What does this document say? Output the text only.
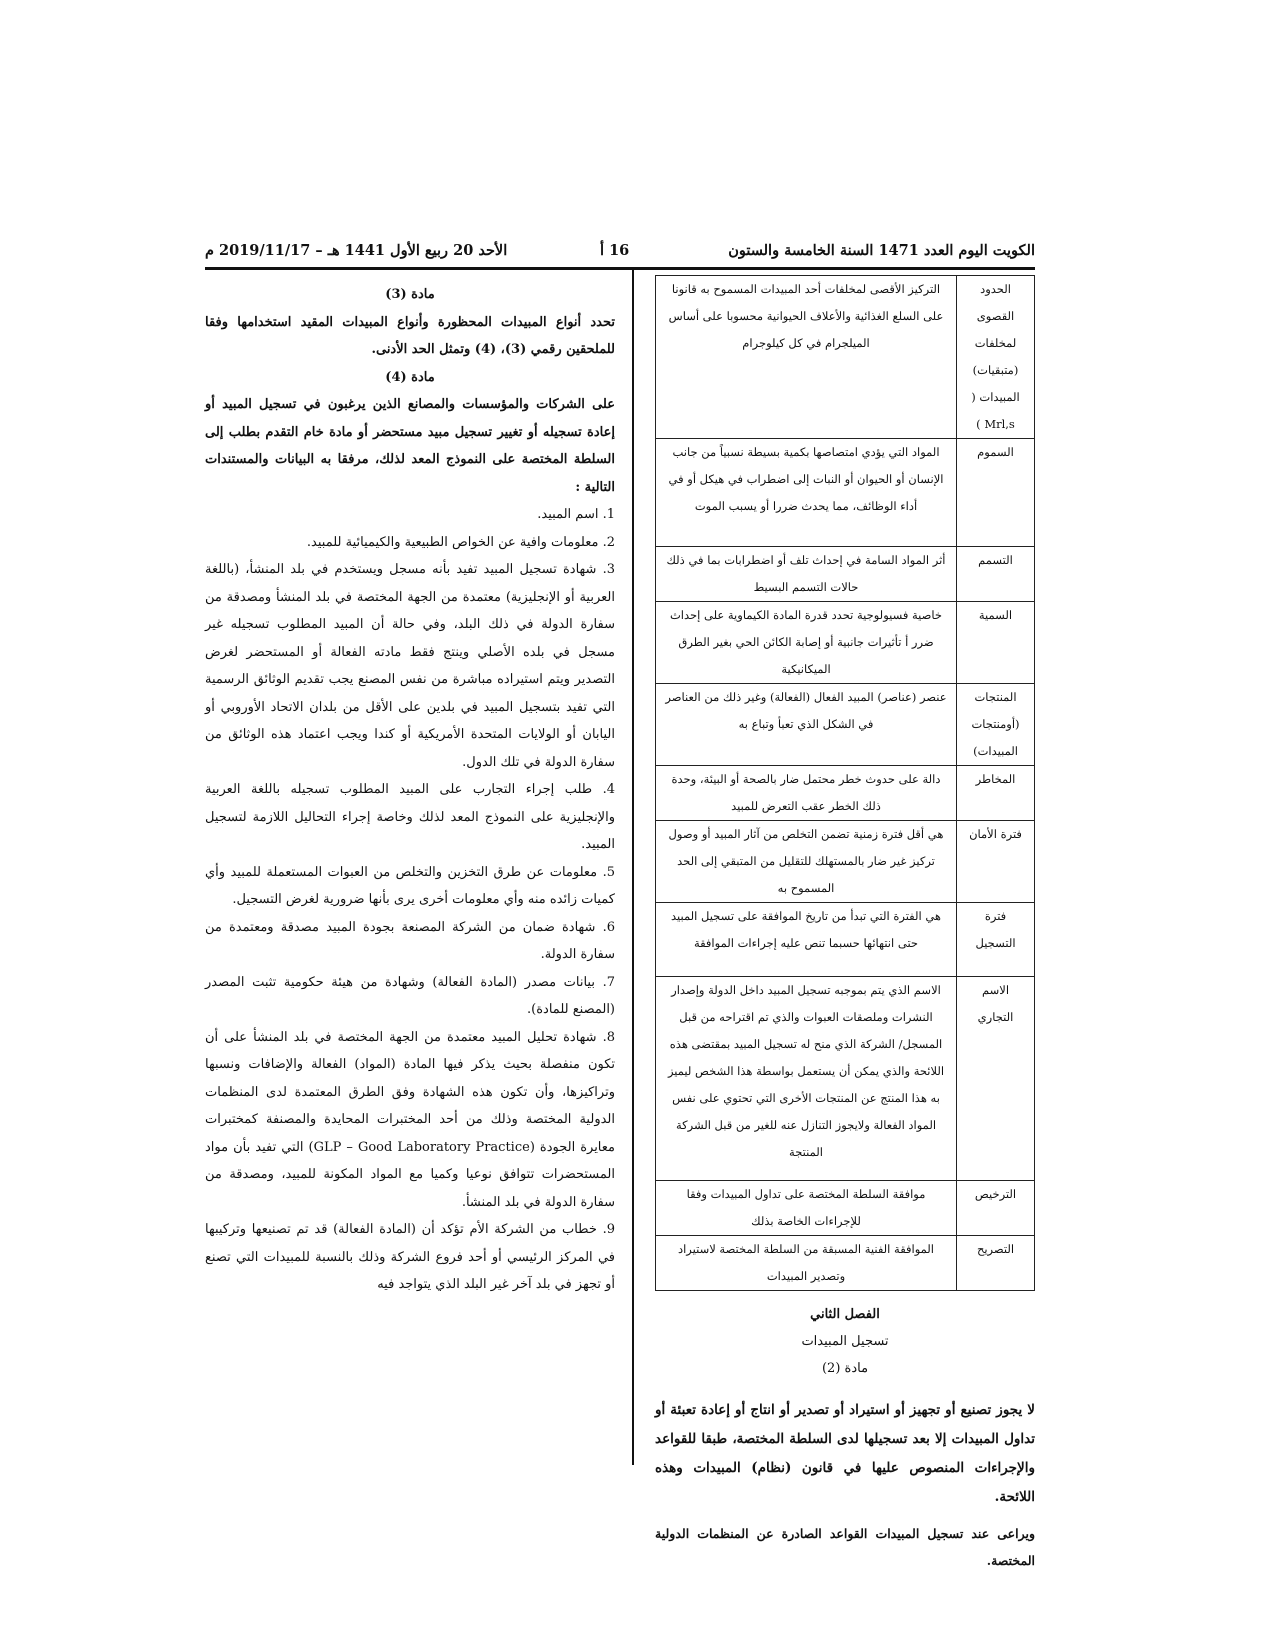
الكويت اليوم العدد 1471 السنة الخامسة والستون
16 أ
الأحد 20 ربيع الأول 1441 هـ – 2019/11/17 م
الحدود القصوى لمخلفات (متبقيات) المبيدات ( Mrl,s )	التركيز الأقصى لمخلفات أحد المبيدات المسموح به قانونا على السلع الغذائية والأعلاف الحيوانية محسوبا على أساس الميلجرام في كل كيلوجرام
السموم	المواد التي يؤدي امتصاصها بكمية بسيطة نسبياً من جانب الإنسان أو الحيوان أو النبات إلى اضطراب في هيكل أو في أداء الوظائف، مما يحدث ضررا أو يسبب الموت
التسمم	أثر المواد السامة في إحداث تلف أو اضطرابات بما في ذلك حالات التسمم البسيط
السمية	خاصية فسيولوجية تحدد قدرة المادة الكيماوية على إحداث ضرر أ تأثيرات جانبية أو إصابة الكائن الحي بغير الطرق الميكانيكية
المنتجات (أومنتجات المبيدات)	عنصر (عناصر) المبيد الفعال (الفعالة) وغير ذلك من العناصر في الشكل الذي تعبأ وتباع به
المخاطر	دالة على حدوث خطر محتمل ضار بالصحة أو البيئة، وحدة ذلك الخطر عقب التعرض للمبيد
فترة الأمان	هي أقل فترة زمنية تضمن التخلص من آثار المبيد أو وصول تركيز غير ضار بالمستهلك للتقليل من المتبقي إلى الحد المسموح به
فترة التسجيل	هي الفترة التي تبدأ من تاريخ الموافقة على تسجيل المبيد حتى انتهائها حسبما تنص عليه إجراءات الموافقة
الاسم التجاري	الاسم الذي يتم بموجبه تسجيل المبيد داخل الدولة وإصدار النشرات وملصقات العبوات والذي تم اقتراحه من قبل المسجل/ الشركة الذي منح له تسجيل المبيد بمقتضى هذه اللائحة والذي يمكن أن يستعمل بواسطة هذا الشخص ليميز به هذا المنتج عن المنتجات الأخرى التي تحتوي على نفس المواد الفعالة ولايجوز التنازل عنه للغير من قبل الشركة المنتجة
الترخيص	موافقة السلطة المختصة على تداول المبيدات وفقا للإجراءات الخاصة بذلك
التصريح	الموافقة الفنية المسبقة من السلطة المختصة لاستيراد وتصدير المبيدات
الفصل الثاني
تسجيل المبيدات
مادة (2)

لا يجوز تصنيع أو تجهيز أو استيراد أو تصدير أو انتاج أو إعادة تعبئة أو تداول المبيدات إلا بعد تسجيلها لدى السلطة المختصة، طبقا للقواعد والإجراءات المنصوص عليها في قانون (نظام) المبيدات وهذه اللائحة.

ويراعى عند تسجيل المبيدات القواعد الصادرة عن المنظمات الدولية المختصة.

مادة (3)

تحدد أنواع المبيدات المحظورة وأنواع المبيدات المقيد استخدامها وفقا للملحقين رقمي (3)، (4) وتمثل الحد الأدنى.

مادة (4)

على الشركات والمؤسسات والمصانع الذين يرغبون في تسجيل المبيد أو إعادة تسجيله أو تغيير تسجيل مبيد مستحضر أو مادة خام التقدم بطلب إلى السلطة المختصة على النموذج المعد لذلك، مرفقا به البيانات والمستندات التالية :

1. اسم المبيد.

2. معلومات وافية عن الخواص الطبيعية والكيميائية للمبيد.

3. شهادة تسجيل المبيد تفيد بأنه مسجل ويستخدم في بلد المنشأ، (باللغة العربية أو الإنجليزية) معتمدة من الجهة المختصة في بلد المنشأ ومصدقة من سفارة الدولة في ذلك البلد، وفي حالة أن المبيد المطلوب تسجيله غير مسجل في بلده الأصلي وينتج فقط مادته الفعالة أو المستحضر لغرض التصدير ويتم استيراده مباشرة من نفس المصنع يجب تقديم الوثائق الرسمية التي تفيد بتسجيل المبيد في بلدين على الأقل من بلدان الاتحاد الأوروبي أو اليابان أو الولايات المتحدة الأمريكية أو كندا ويجب اعتماد هذه الوثائق من سفارة الدولة في تلك الدول.

4. طلب إجراء التجارب على المبيد المطلوب تسجيله باللغة العربية والإنجليزية على النموذج المعد لذلك وخاصة إجراء التحاليل اللازمة لتسجيل المبيد.

5. معلومات عن طرق التخزين والتخلص من العبوات المستعملة للمبيد وأي كميات زائده منه وأي معلومات أخرى يرى بأنها ضرورية لغرض التسجيل.

6. شهادة ضمان من الشركة المصنعة بجودة المبيد مصدقة ومعتمدة من سفارة الدولة.

7. بيانات مصدر (المادة الفعالة) وشهادة من هيئة حكومية تثبت المصدر (المصنع للمادة).

8. شهادة تحليل المبيد معتمدة من الجهة المختصة في بلد المنشأ على أن تكون منفصلة بحيث يذكر فيها المادة (المواد) الفعالة والإضافات ونسبها وتراكيزها، وأن تكون هذه الشهادة وفق الطرق المعتمدة لدى المنظمات الدولية المختصة وذلك من أحد المختبرات المحايدة والمصنفة كمختبرات معايرة الجودة (GLP – Good Laboratory Practice) التي تفيد بأن مواد المستحضرات تتوافق نوعيا وكميا مع المواد المكونة للمبيد، ومصدقة من سفارة الدولة في بلد المنشأ.

9. خطاب من الشركة الأم تؤكد أن (المادة الفعالة) قد تم تصنيعها وتركيبها في المركز الرئيسي أو أحد فروع الشركة وذلك بالنسبة للمبيدات التي تصنع أو تجهز في بلد آخر غير البلد الذي يتواجد فيه
